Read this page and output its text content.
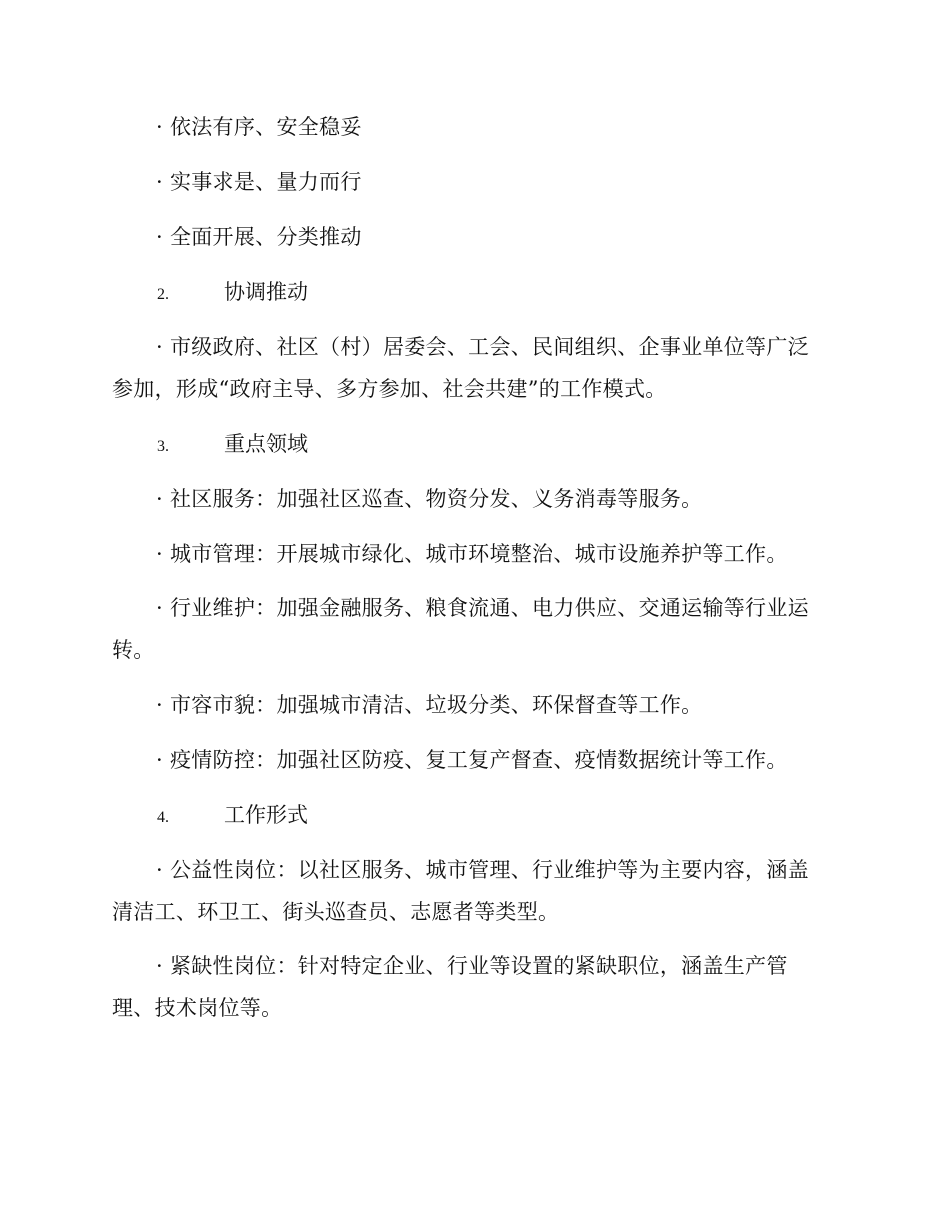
· 依法有序、安全稳妥

· 实事求是、量力而行

· 全面开展、分类推动

2.	协调推动

· 市级政府、社区（村）居委会、工会、民间组织、企事业单位等广泛参加，形成“政府主导、多方参加、社会共建”的工作模式。

3.	重点领域

· 社区服务：加强社区巡查、物资分发、义务消毒等服务。

· 城市管理：开展城市绿化、城市环境整治、城市设施养护等工作。

· 行业维护：加强金融服务、粮食流通、电力供应、交通运输等行业运转。

· 市容市貌：加强城市清洁、垃圾分类、环保督查等工作。

· 疫情防控：加强社区防疫、复工复产督查、疫情数据统计等工作。

4.	工作形式

· 公益性岗位：以社区服务、城市管理、行业维护等为主要内容，涵盖清洁工、环卫工、街头巡查员、志愿者等类型。

· 紧缺性岗位：针对特定企业、行业等设置的紧缺职位，涵盖生产管理、技术岗位等。
